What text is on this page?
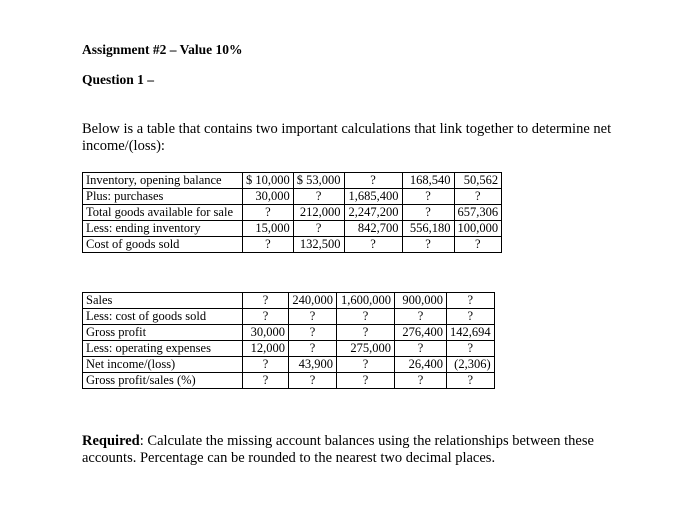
Assignment #2 – Value 10%
Question 1 –
Below is a table that contains two important calculations that link together to determine net income/(loss):
Inventory, opening balance	$ 10,000	$ 53,000	?	168,540	50,562
Plus: purchases	30,000	?	1,685,400	?	?
Total goods available for sale	?	212,000	2,247,200	?	657,306
Less: ending inventory	15,000	?	842,700	556,180	100,000
Cost of goods sold	?	132,500	?	?	?
Sales	?	240,000	1,600,000	900,000	?
Less: cost of goods sold	?	?	?	?	?
Gross profit	30,000	?	?	276,400	142,694
Less: operating expenses	12,000	?	275,000	?	?
Net income/(loss)	?	43,900	?	26,400	(2,306)
Gross profit/sales (%)	?	?	?	?	?
Required: Calculate the missing account balances using the relationships between these accounts. Percentage can be rounded to the nearest two decimal places.
